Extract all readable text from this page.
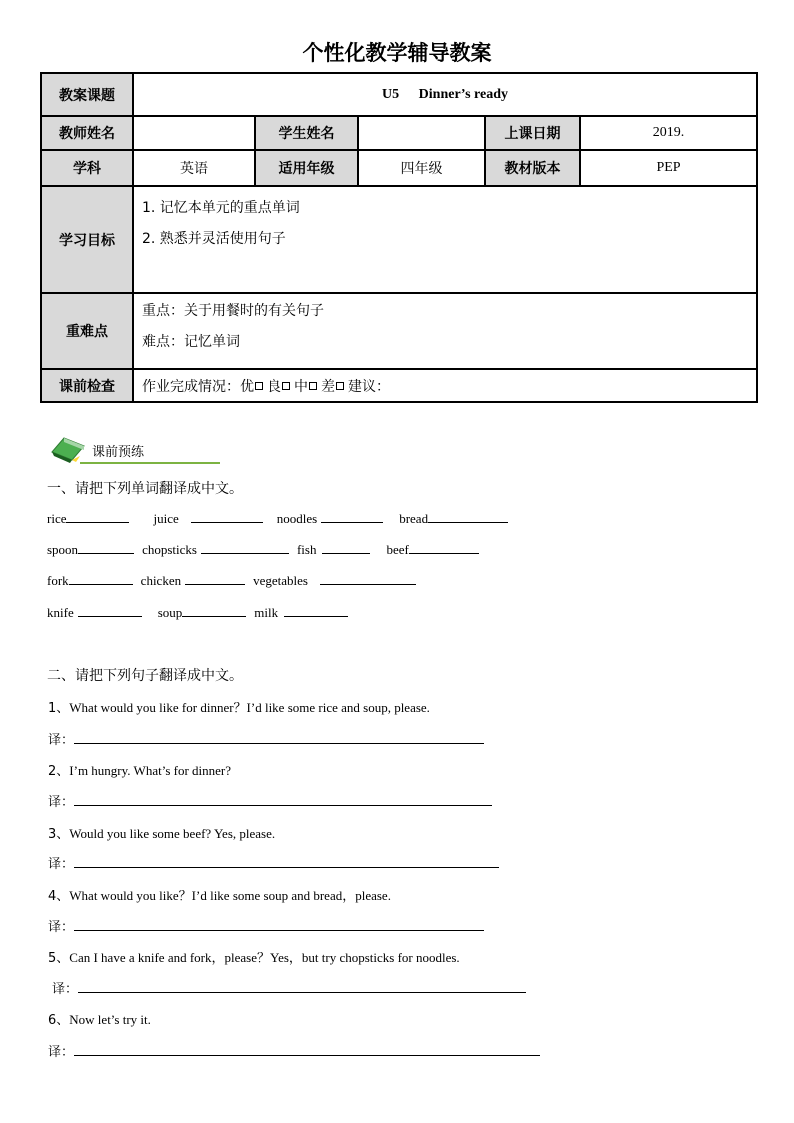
个性化教学辅导教案
教案课题	U5 Dinner’s ready				
教师姓名		学生姓名		上课日期	2019.
学科	英语	适用年级	四年级	教材版本	PEP
学习目标	1. 记忆本单元的重点单词
2. 熟悉并灵活使用句子				

重难点	重点：关于用餐时的有关句子
难点：记忆单词				

课前检查	作业完成情况：优 良 中 差 建议：				
课前预练
一、请把下列单词翻译成中文。
rice	juice	noodles	bread
spoon	chopsticks	fish	beef
fork	chicken	vegetables
knife	soup	milk
二、请把下列句子翻译成中文。
1、What would you like for dinner？I’d like some rice and soup, please.
译：
2、I’m hungry. What’s for dinner?
译：
3、Would you like some beef? Yes, please.
译：
4、What would you like？I’d like some soup and bread，please.
译：
5、Can I have a knife and fork，please？Yes，but try chopsticks for noodles.
译：
6、Now let’s try it.
译：
